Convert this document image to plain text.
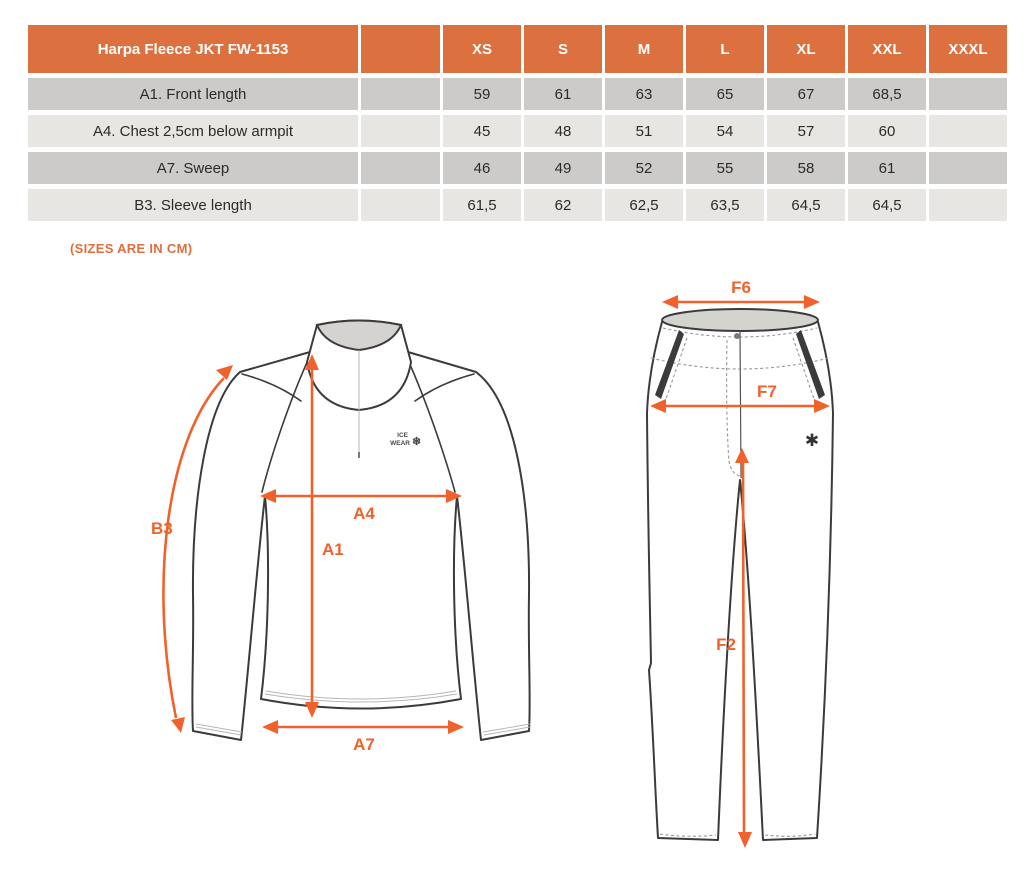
Harpa Fleece JKT FW-1153		XS	S	M	L	XL	XXL	XXXL
A1. Front length		59	61	63	65	67	68,5	
A4. Chest 2,5cm below armpit		45	48	51	54	57	60	
A7. Sweep		46	49	52	55	58	61	
B3. Sleeve length		61,5	62	62,5	63,5	64,5	64,5	
(SIZES ARE IN CM)
ICE
WEAR ❄
B3
A4
A1
A7
✱
F6
F7
F2
